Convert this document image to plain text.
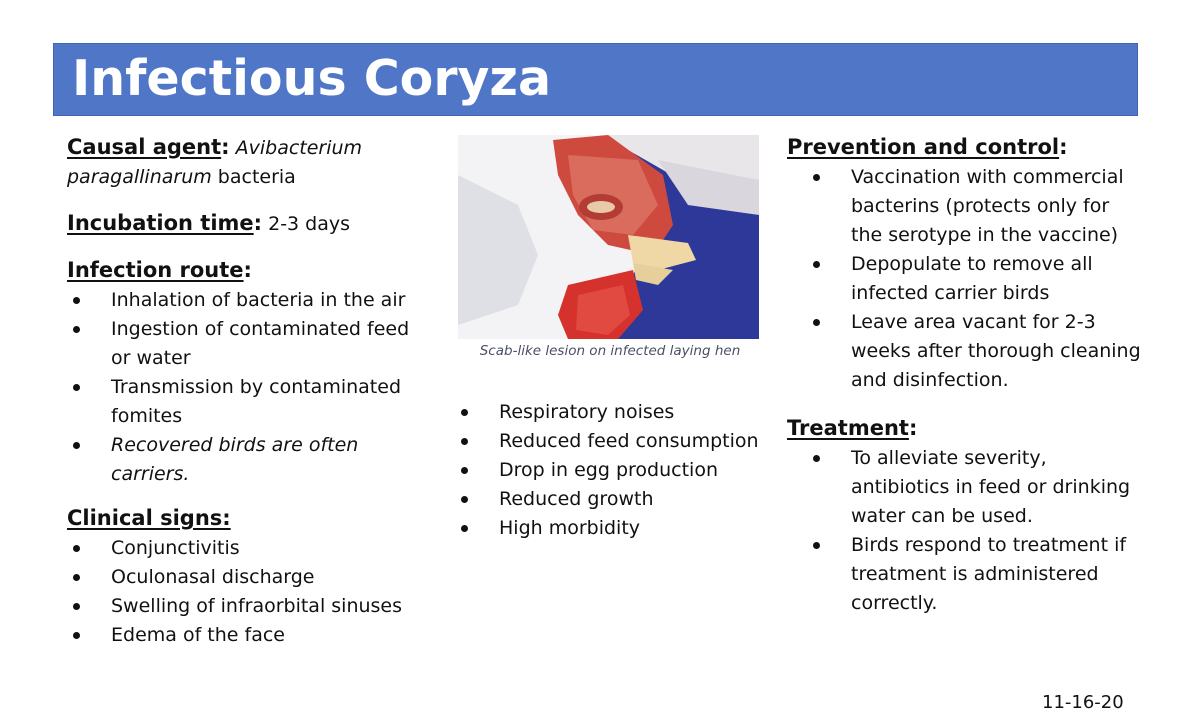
Infectious Coryza

Causal agent: Avibacterium

paragallinarum bacteria

Incubation time: 2-3 days

Infection route:

Inhalation of bacteria in the air
Ingestion of contaminated feed or water
Transmission by contaminated fomites
Recovered birds are often carriers.

Clinical signs:

Conjunctivitis
Oculonasal discharge
Swelling of infraorbital sinuses
Edema of the face
Scab-like lesion on infected laying hen
Respiratory noises
Reduced feed consumption
Drop in egg production
Reduced growth
High morbidity

Prevention and control:

Vaccination with commercial bacterins (protects only for the serotype in the vaccine)
Depopulate to remove all infected carrier birds
Leave area vacant for 2-3 weeks after thorough cleaning and disinfection.

Treatment:

To alleviate severity, antibiotics in feed or drinking water can be used.
Birds respond to treatment if treatment is administered correctly.
11-16-20
